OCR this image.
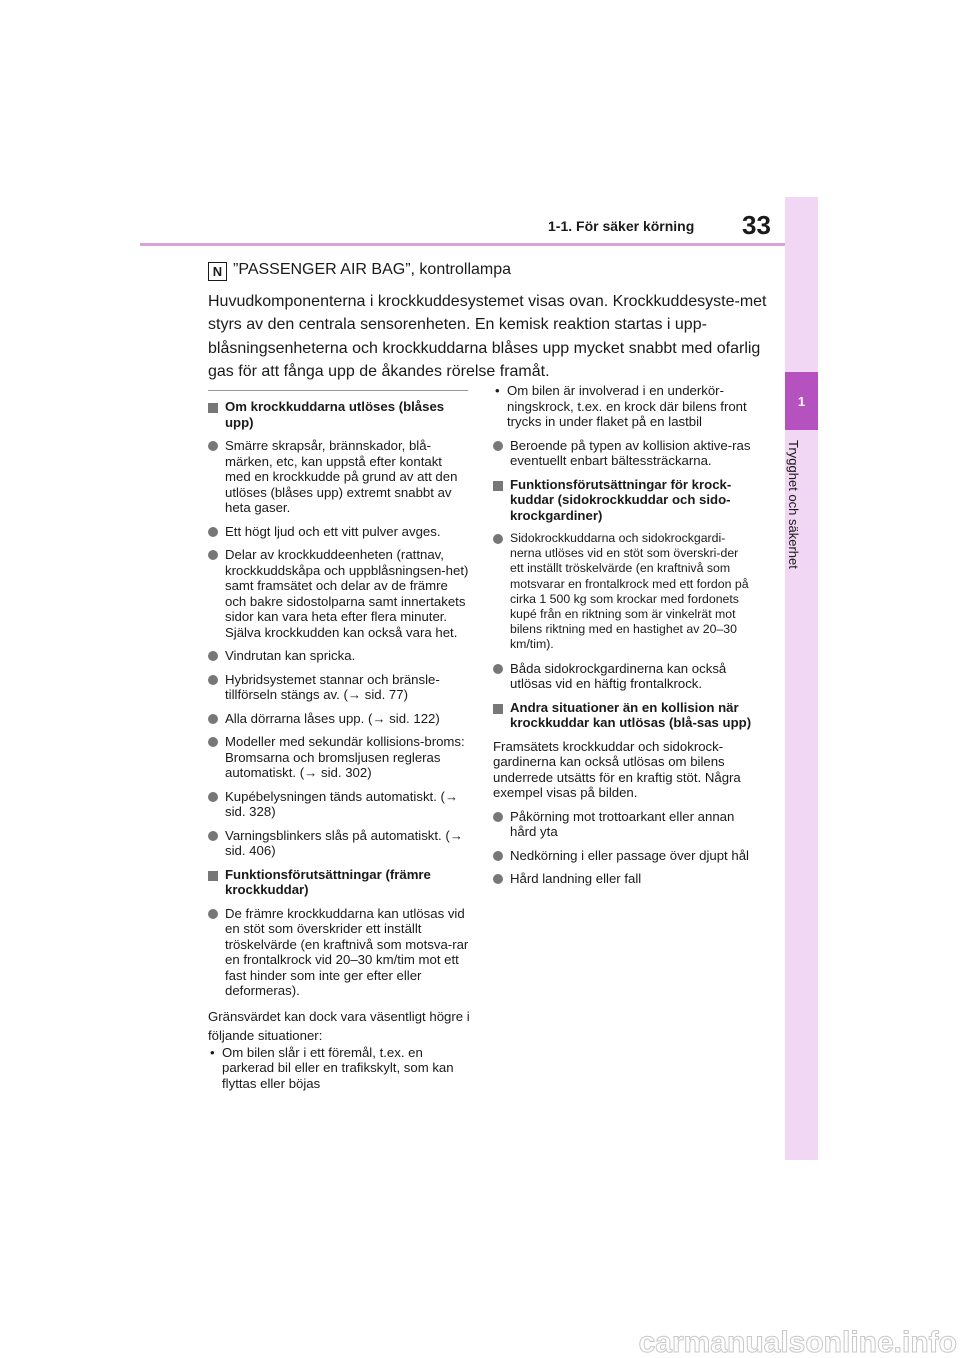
1-1. För säker körning 33
1
Trygghet och säkerhet

N ”PASSENGER AIR BAG”, kontrollampa

Huvudkomponenterna i krockkuddesystemet visas ovan. Krockkuddesyste-met styrs av den centrala sensorenheten. En kemisk reaktion startas i upp-blåsningsenheterna och krockkuddarna blåses upp mycket snabbt med ofarlig gas för att fånga upp de åkandes rörelse framåt.

Om krockkuddarna utlöses (blåses upp)
Smärre skrapsår, brännskador, blå-märken, etc, kan uppstå efter kontakt med en krockkudde på grund av att den utlöses (blåses upp) extremt snabbt av heta gaser.
Ett högt ljud och ett vitt pulver avges.
Delar av krockkuddeenheten (rattnav, krockkuddskåpa och uppblåsningsen-het) samt framsätet och delar av de främre och bakre sidostolparna samt innertakets sidor kan vara heta efter flera minuter. Själva krockkudden kan också vara het.
Vindrutan kan spricka.
Hybridsystemet stannar och bränsle-tillförseln stängs av. (→ sid. 77)
Alla dörrarna låses upp. (→ sid. 122)
Modeller med sekundär kollisions-broms: Bromsarna och bromsljusen regleras automatiskt. (→ sid. 302)
Kupébelysningen tänds automatiskt. (→ sid. 328)
Varningsblinkers slås på automatiskt. (→ sid. 406)
Funktionsförutsättningar (främre krockkuddar)
De främre krockkuddarna kan utlösas vid en stöt som överskrider ett inställt tröskelvärde (en kraftnivå som motsva-rar en frontalkrock vid 20–30 km/tim mot ett fast hinder som inte ger efter eller deformeras).

Gränsvärdet kan dock vara väsentligt högre i följande situationer:

• Om bilen slår i ett föremål, t.ex. en parkerad bil eller en trafikskylt, som kan flyttas eller böjas
• Om bilen är involverad i en underkör-ningskrock, t.ex. en krock där bilens front trycks in under flaket på en lastbil
Beroende på typen av kollision aktive-ras eventuellt enbart bältessträckarna.
Funktionsförutsättningar för krock-kuddar (sidokrockkuddar och sido-krockgardiner)
Sidokrockkuddarna och sidokrockgardi-nerna utlöses vid en stöt som överskri-der ett inställt tröskelvärde (en kraftnivå som motsvarar en frontalkrock med ett fordon på cirka 1 500 kg som krockar med fordonets kupé från en riktning som är vinkelrät mot bilens riktning med en hastighet av 20–30 km/tim).
Båda sidokrockgardinerna kan också utlösas vid en häftig frontalkrock.
Andra situationer än en kollision när krockkuddar kan utlösas (blå-sas upp)

Framsätets krockkuddar och sidokrock-gardinerna kan också utlösas om bilens underrede utsätts för en kraftig stöt. Några exempel visas på bilden.

Påkörning mot trottoarkant eller annan hård yta
Nedkörning i eller passage över djupt hål
Hård landning eller fall
carmanualsonline.info
